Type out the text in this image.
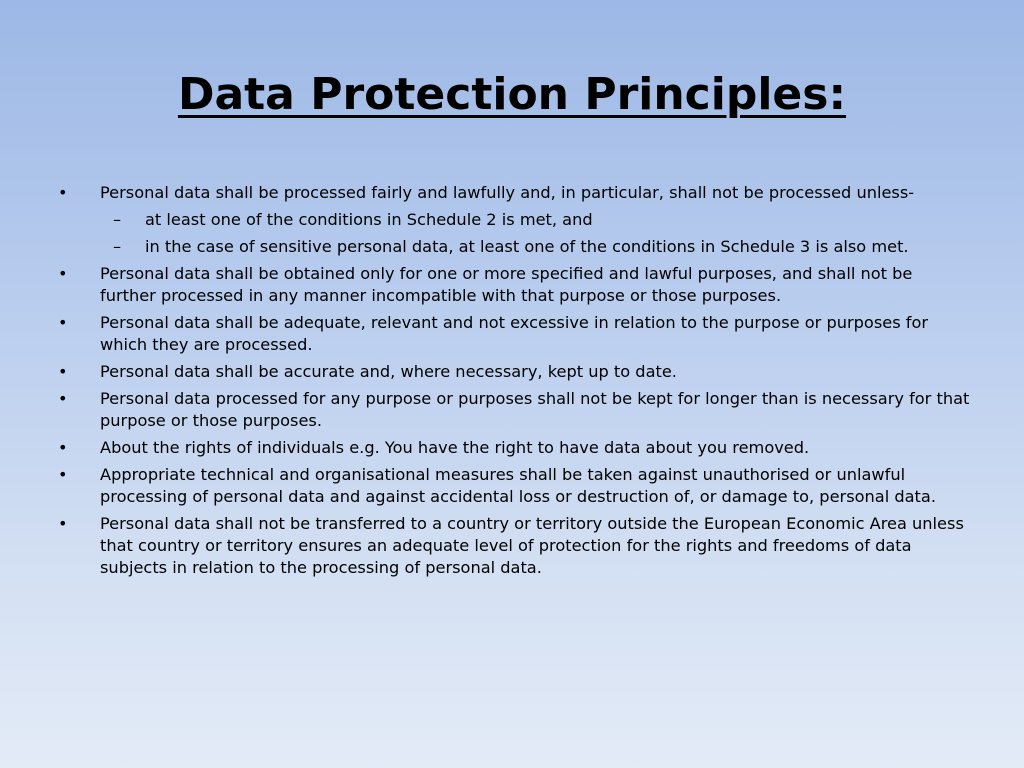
Data Protection Principles:
• Personal data shall be processed fairly and lawfully and, in particular, shall not be processed unless-
– at least one of the conditions in Schedule 2 is met, and
– in the case of sensitive personal data, at least one of the conditions in Schedule 3 is also met.
• Personal data shall be obtained only for one or more specified and lawful purposes, and shall not be further processed in any manner incompatible with that purpose or those purposes.
• Personal data shall be adequate, relevant and not excessive in relation to the purpose or purposes for which they are processed.
• Personal data shall be accurate and, where necessary, kept up to date.
• Personal data processed for any purpose or purposes shall not be kept for longer than is necessary for that purpose or those purposes.
• About the rights of individuals e.g. You have the right to have data about you removed.
• Appropriate technical and organisational measures shall be taken against unauthorised or unlawful processing of personal data and against accidental loss or destruction of, or damage to, personal data.
• Personal data shall not be transferred to a country or territory outside the European Economic Area unless that country or territory ensures an adequate level of protection for the rights and freedoms of data subjects in relation to the processing of personal data.
